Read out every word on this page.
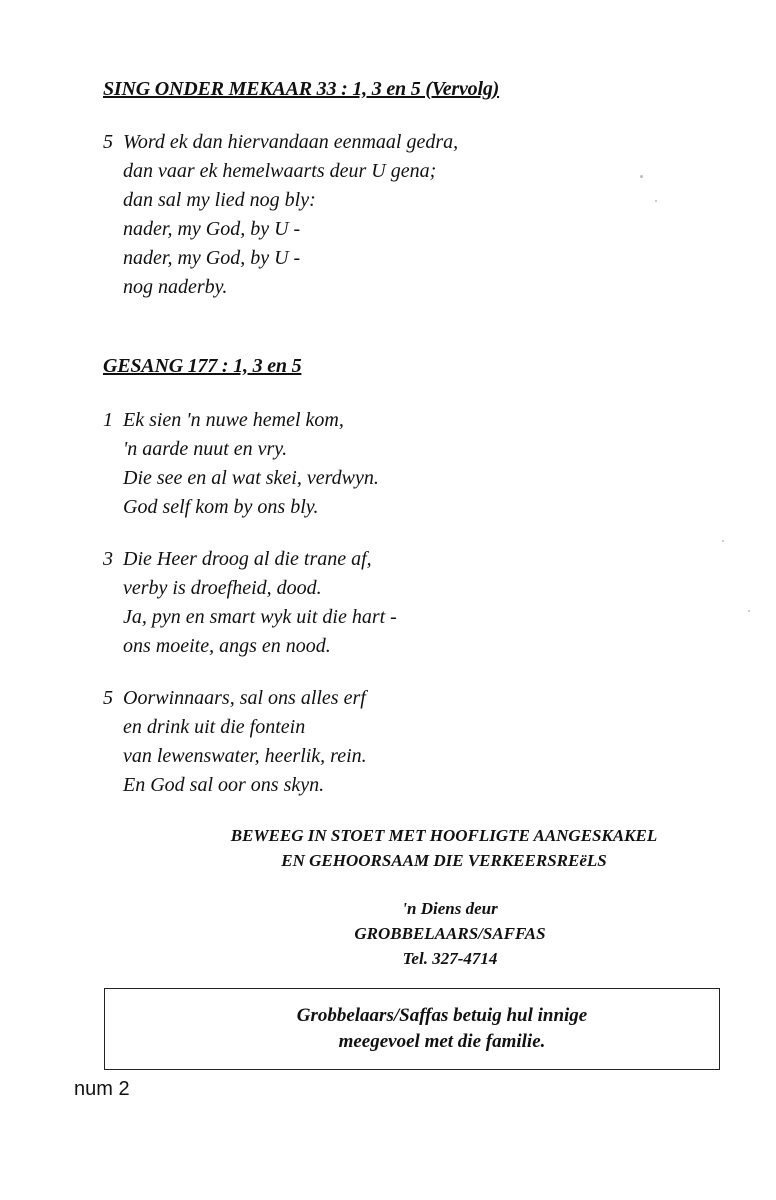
SING ONDER MEKAAR 33 : 1, 3 en 5 (Vervolg)
5 Word ek dan hiervandaan eenmaal gedra,
dan vaar ek hemelwaarts deur U gena;
dan sal my lied nog bly:
nader, my God, by U -
nader, my God, by U -
nog naderby.
GESANG 177 : 1, 3 en 5
1 Ek sien 'n nuwe hemel kom,
'n aarde nuut en vry.
Die see en al wat skei, verdwyn.
God self kom by ons bly.
3 Die Heer droog al die trane af,
verby is droefheid, dood.
Ja, pyn en smart wyk uit die hart -
ons moeite, angs en nood.
5 Oorwinnaars, sal ons alles erf
en drink uit die fontein
van lewenswater, heerlik, rein.
En God sal oor ons skyn.
BEWEEG IN STOET MET HOOFLIGTE AANGESKAKEL
EN GEHOORSAAM DIE VERKEERSREëLS
'n Diens deur
GROBBELAARS/SAFFAS
Tel. 327-4714
Grobbelaars/Saffas betuig hul innige
meegevoel met die familie.
num 2
